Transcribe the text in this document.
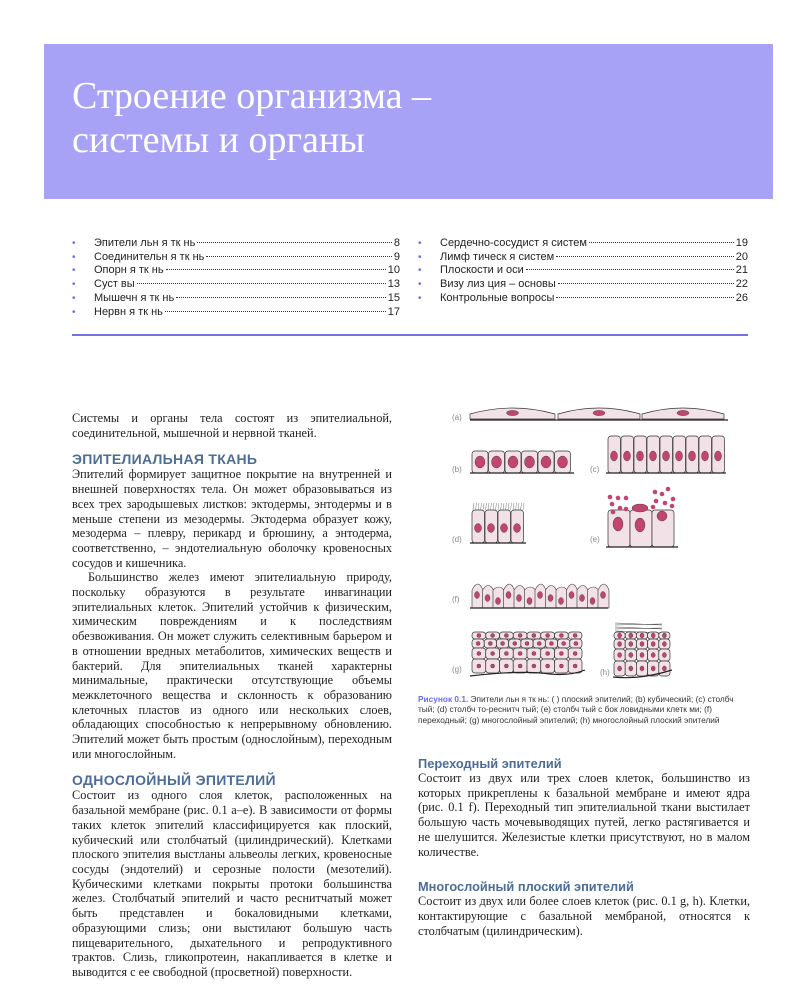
Строение организма –
системы и органы
•	Эпители льн я тк нь	8
•	Соединительн я тк нь	9
•	Опорн я тк нь	10
•	Суст вы	13
•	Мышечн я тк нь	15
•	Нервн я тк нь	17
•	Сердечно-сосудист я систем	19
•	Лимф тическ я систем	20
•	Плоскости и оси	21
•	Визу лиз ция – основы	22
•	Контрольные вопросы	26

Системы и органы тела состоят из эпителиальной, соединительной, мышечной и нервной тканей.

ЭПИТЕЛИАЛЬНАЯ ТКАНЬ

Эпителий формирует защитное покрытие на внутренней и внешней поверхностях тела. Он может образовываться из всех трех зародышевых листков: эктодермы, энтодермы и в меньше степени из мезодермы. Эктодерма образует кожу, мезодерма – плевру, перикард и брюшину, а энтодерма, соответственно, – эндотелиальную оболочку кровеносных сосудов и кишечника.

Большинство желез имеют эпителиальную природу, поскольку образуются в результате инвагинации эпителиальных клеток. Эпителий устойчив к физическим, химическим повреждениям и к последствиям обезвоживания. Он может служить селективным барьером и в отношении вредных метаболитов, химических веществ и бактерий. Для эпителиальных тканей характерны минимальные, практически отсутствующие объемы межклеточного вещества и склонность к образованию клеточных пластов из одного или нескольких слоев, обладающих способностью к непрерывному обновлению. Эпителий может быть простым (однослойным), переходным или многослойным.

ОДНОСЛОЙНЫЙ ЭПИТЕЛИЙ

Состоит из одного слоя клеток, расположенных на базальной мембране (рис. 0.1 a–e). В зависимости от формы таких клеток эпителий классифицируется как плоский, кубический или столбчатый (цилиндрический). Клетками плоского эпителия выстланы альвеолы легких, кровеносные сосуды (эндотелий) и серозные полости (мезотелий). Кубическими клетками покрыты протоки большинства желез. Столбчатый эпителий и часто реснитчатый может быть представлен и бокаловидными клетками, образующими слизь; они выстилают большую часть пищеварительного, дыхательного и репродуктивного трактов. Слизь, гликопротеин, накапливается в клетке и выводится с ее свободной (просветной) поверхности.

(a)
(b)	(c)
(d)	(e)
(f)
(g)	(h)
Рисунок 0.1. Эпители льн я тк нь: ( ) плоский эпителий; (b) кубический; (c) столбч тый; (d) столбч то-реснитч тый; (e) столбч тый с бок ловидными клетк ми; (f) переходный; (g) многослойный эпителий; (h) многослойный плоский эпителий
Переходный эпителий

Состоит из двух или трех слоев клеток, большинство из которых прикреплены к базальной мембране и имеют ядра (рис. 0.1 f). Переходный тип эпителиальной ткани выстилает большую часть мочевыводящих путей, легко растягивается и не шелушится. Железистые клетки присутствуют, но в малом количестве.

Многослойный плоский эпителий

Состоит из двух или более слоев клеток (рис. 0.1 g, h). Клетки, контактирующие с базальной мембраной, относятся к столбчатым (цилиндрическим).
